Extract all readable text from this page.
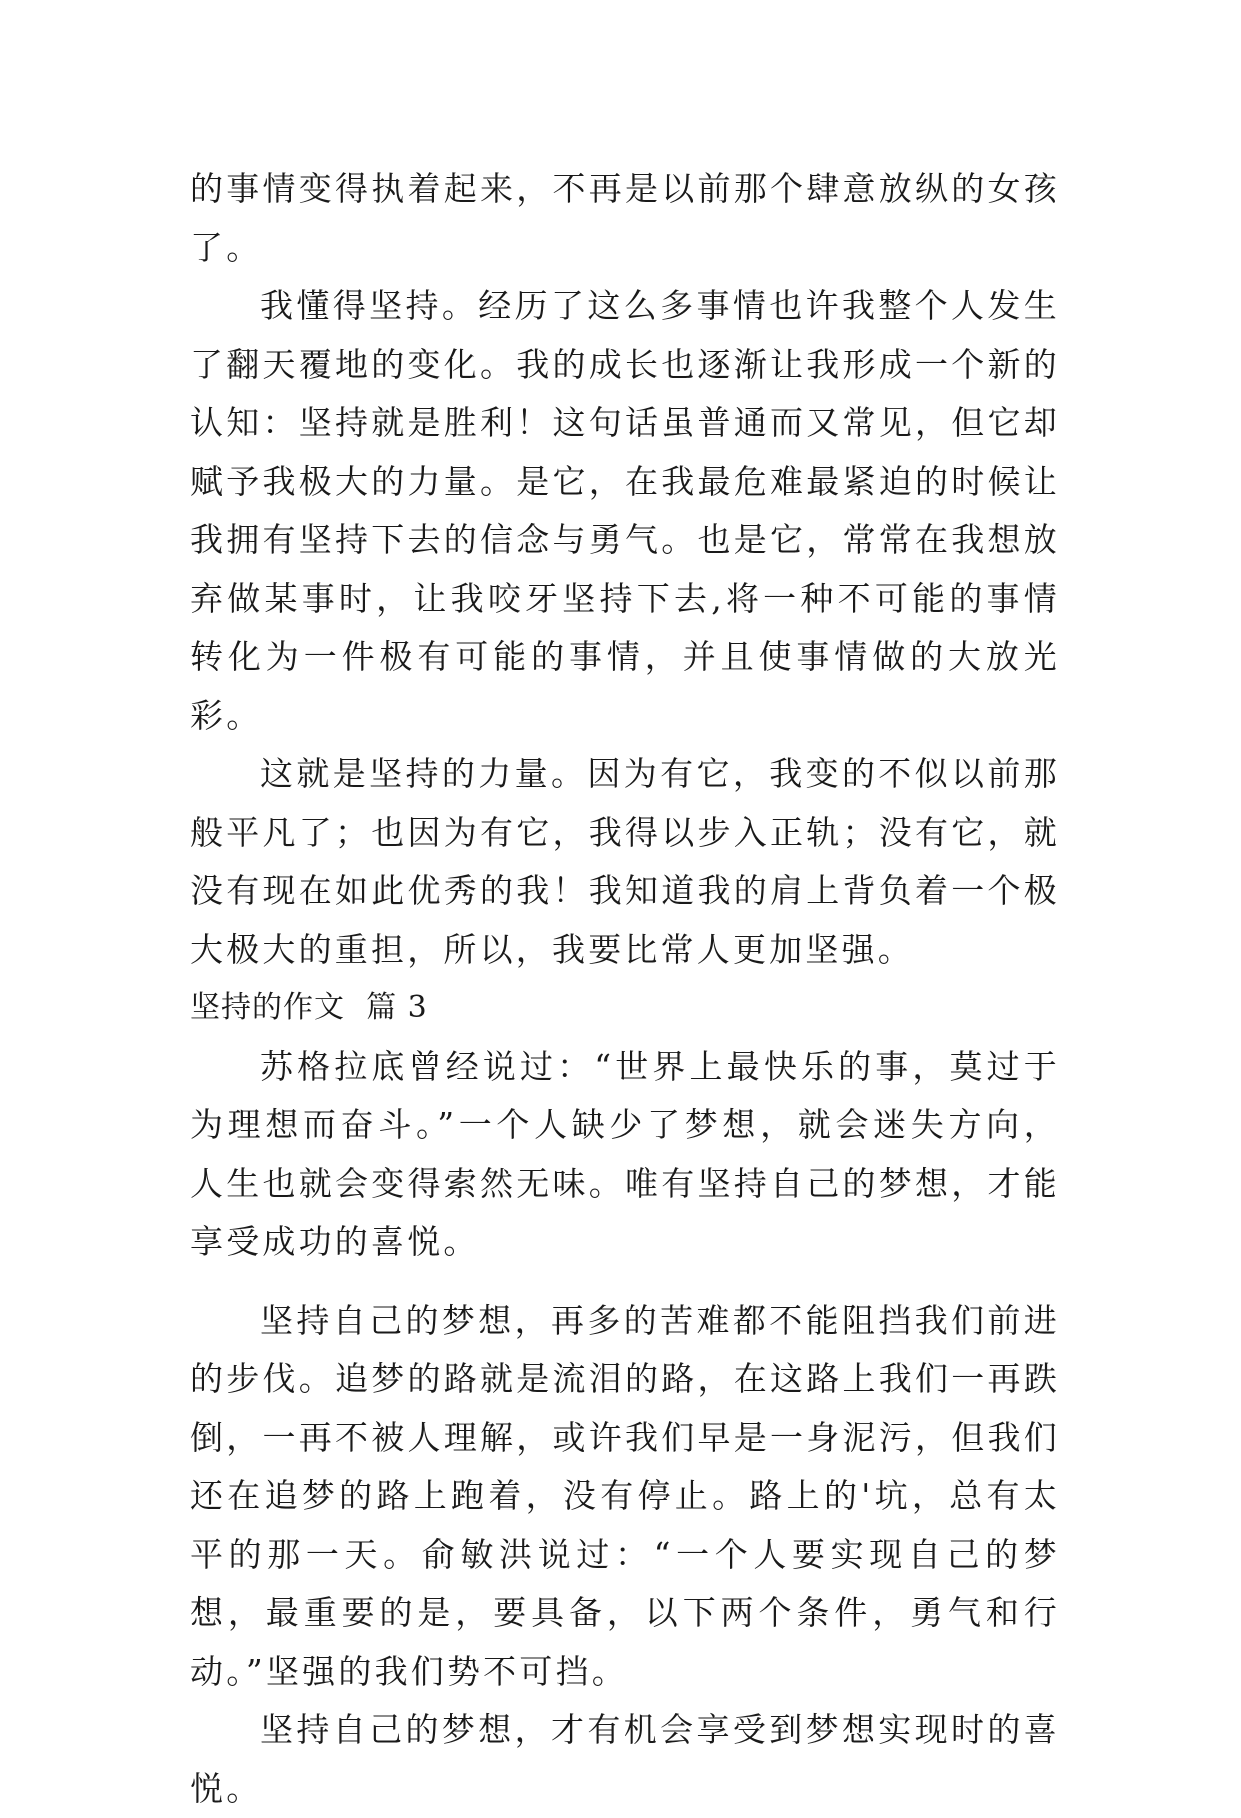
的事情变得执着起来，不再是以前那个肆意放纵的女孩了。

我懂得坚持。经历了这么多事情也许我整个人发生了翻天覆地的变化。我的成长也逐渐让我形成一个新的认知：坚持就是胜利！这句话虽普通而又常见，但它却赋予我极大的力量。是它，在我最危难最紧迫的时候让我拥有坚持下去的信念与勇气。也是它，常常在我想放弃做某事时，让我咬牙坚持下去,将一种不可能的事情转化为一件极有可能的事情，并且使事情做的大放光彩。

这就是坚持的力量。因为有它，我变的不似以前那般平凡了；也因为有它，我得以步入正轨；没有它，就没有现在如此优秀的我！我知道我的肩上背负着一个极大极大的重担，所以，我要比常人更加坚强。

坚持的作文  篇 3

苏格拉底曾经说过：“世界上最快乐的事，莫过于为理想而奋斗。”一个人缺少了梦想，就会迷失方向，人生也就会变得索然无味。唯有坚持自己的梦想，才能享受成功的喜悦。

坚持自己的梦想，再多的苦难都不能阻挡我们前进的步伐。追梦的路就是流泪的路，在这路上我们一再跌倒，一再不被人理解，或许我们早是一身泥污，但我们还在追梦的路上跑着，没有停止。路上的'坑，总有太平的那一天。俞敏洪说过：“一个人要实现自己的梦想，最重要的是，要具备，以下两个条件，勇气和行动。”坚强的我们势不可挡。

坚持自己的梦想，才有机会享受到梦想实现时的喜悦。
